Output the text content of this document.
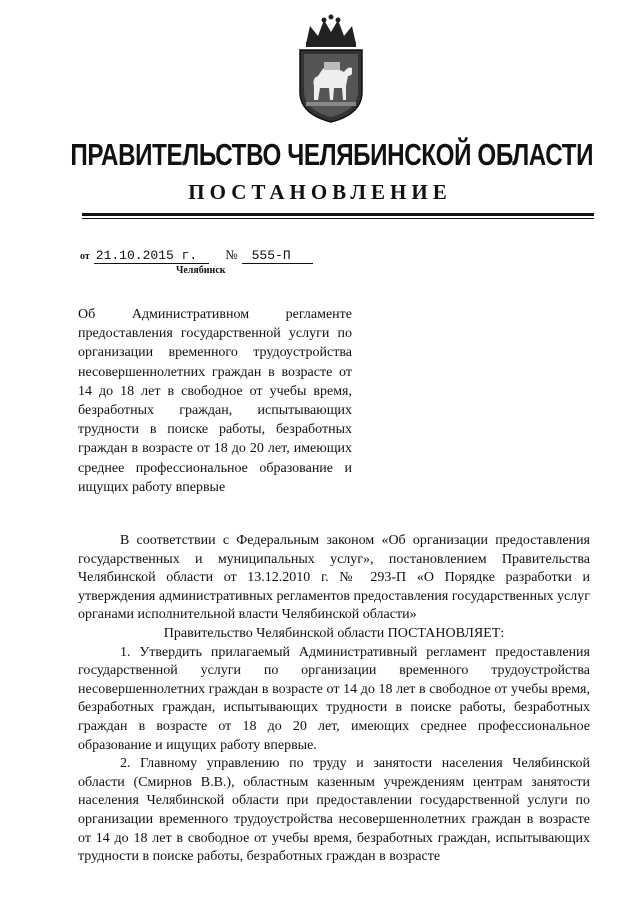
ПРАВИТЕЛЬСТВО ЧЕЛЯБИНСКОЙ ОБЛАСТИ
ПОСТАНОВЛЕНИЕ
от 21.10.2015 г. № 555-П
Челябинск
Об Административном регламенте предоставления государственной услуги по организации временного трудоустройства несовершеннолетних граждан в возрасте от 14 до 18 лет в свободное от учебы время, безработных граждан, испытывающих трудности в поиске работы, безработных граждан в возрасте от 18 до 20 лет, имеющих среднее профессиональное образование и ищущих работу впервые

В соответствии с Федеральным законом «Об организации предоставления государственных и муниципальных услуг», постановлением Правительства Челябинской области от 13.12.2010 г. № 293-П «О Порядке разработки и утверждения административных регламентов предоставления государственных услуг органами исполнительной власти Челябинской области»

Правительство Челябинской области ПОСТАНОВЛЯЕТ:

1. Утвердить прилагаемый Административный регламент предоставления государственной услуги по организации временного трудоустройства несовершеннолетних граждан в возрасте от 14 до 18 лет в свободное от учебы время, безработных граждан, испытывающих трудности в поиске работы, безработных граждан в возрасте от 18 до 20 лет, имеющих среднее профессиональное образование и ищущих работу впервые.

2. Главному управлению по труду и занятости населения Челябинской области (Смирнов В.В.), областным казенным учреждениям центрам занятости населения Челябинской области при предоставлении государственной услуги по организации временного трудоустройства несовершеннолетних граждан в возрасте от 14 до 18 лет в свободное от учебы время, безработных граждан, испытывающих трудности в поиске работы, безработных граждан в возрасте
